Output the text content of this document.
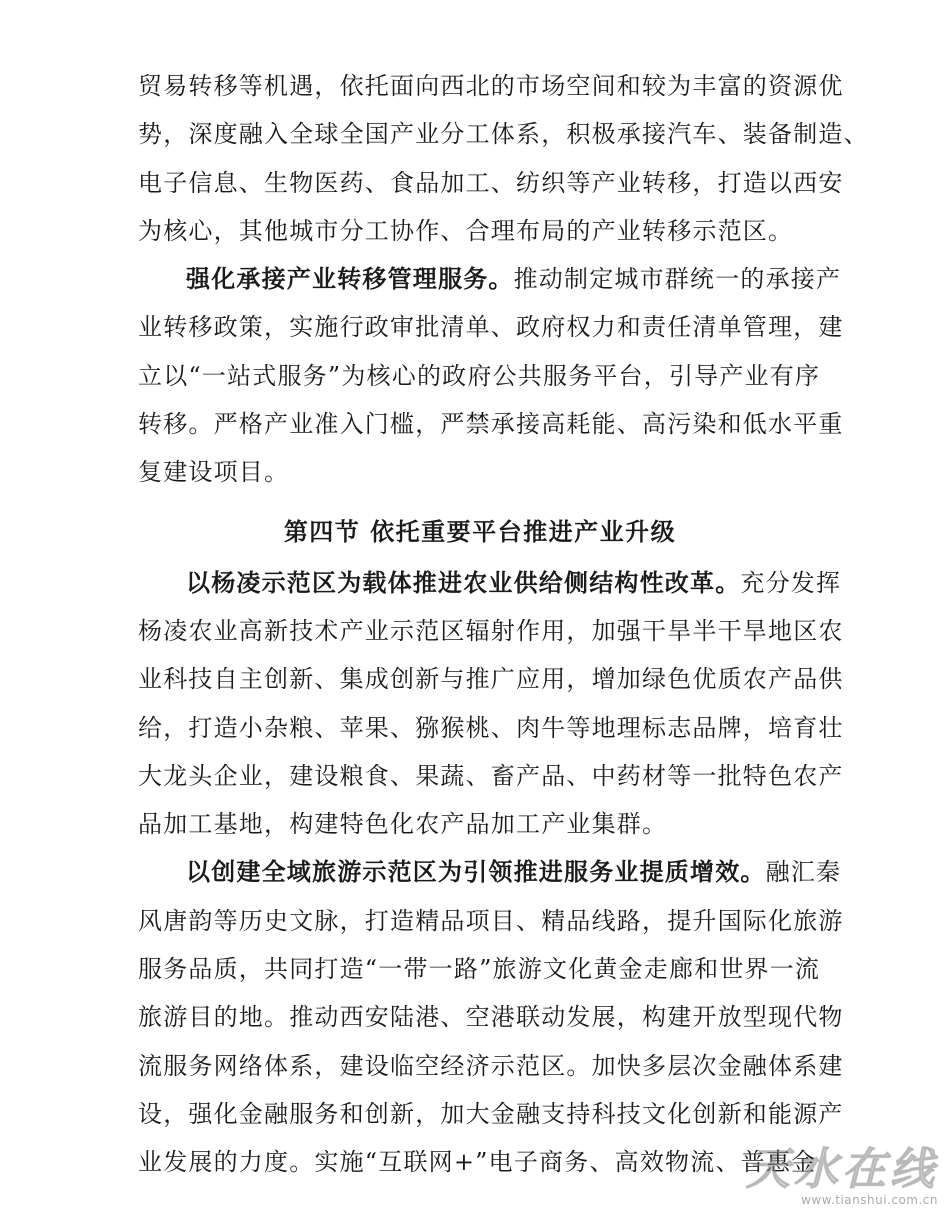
贸易转移等机遇，依托面向西北的市场空间和较为丰富的资源优
势，深度融入全球全国产业分工体系，积极承接汽车、装备制造、
电子信息、生物医药、食品加工、纺织等产业转移，打造以西安
为核心，其他城市分工协作、合理布局的产业转移示范区。
强化承接产业转移管理服务。推动制定城市群统一的承接产
业转移政策，实施行政审批清单、政府权力和责任清单管理，建
立以“一站式服务”为核心的政府公共服务平台，引导产业有序
转移。严格产业准入门槛，严禁承接高耗能、高污染和低水平重
复建设项目。
第四节 依托重要平台推进产业升级
以杨凌示范区为载体推进农业供给侧结构性改革。充分发挥
杨凌农业高新技术产业示范区辐射作用，加强干旱半干旱地区农
业科技自主创新、集成创新与推广应用，增加绿色优质农产品供
给，打造小杂粮、苹果、猕猴桃、肉牛等地理标志品牌，培育壮
大龙头企业，建设粮食、果蔬、畜产品、中药材等一批特色农产
品加工基地，构建特色化农产品加工产业集群。
以创建全域旅游示范区为引领推进服务业提质增效。融汇秦
风唐韵等历史文脉，打造精品项目、精品线路，提升国际化旅游
服务品质，共同打造“一带一路”旅游文化黄金走廊和世界一流
旅游目的地。推动西安陆港、空港联动发展，构建开放型现代物
流服务网络体系，建设临空经济示范区。加快多层次金融体系建
设，强化金融服务和创新，加大金融支持科技文化创新和能源产
业发展的力度。实施“互联网+”电子商务、高效物流、普惠金
天水在线
www.tianshui.com.cn
